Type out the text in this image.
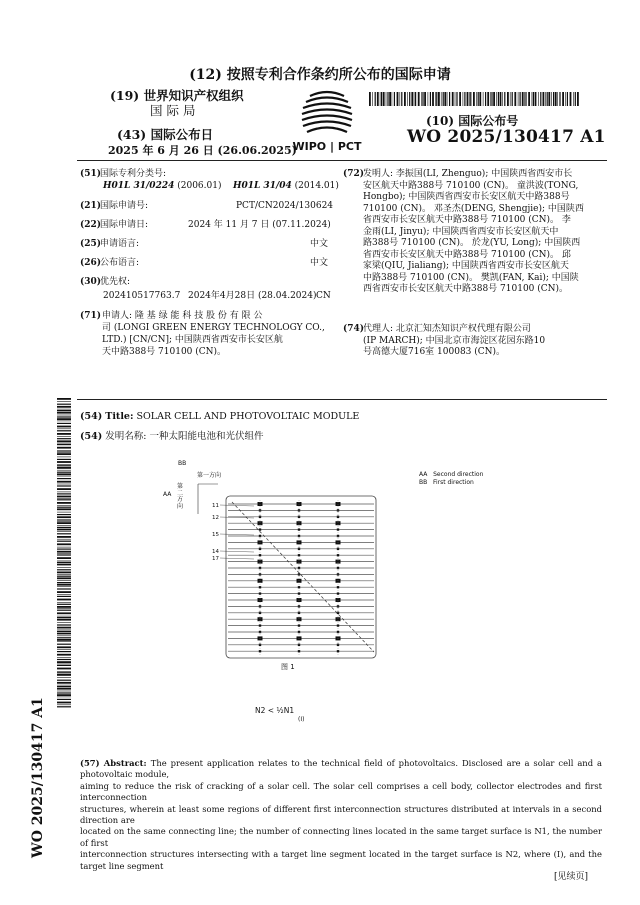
(12) 按照专利合作条约所公布的国际申请
(19) 世界知识产权组织
国 际 局
(43) 国际公布日
2025 年 6 月 26 日 (26.06.2025)
WIPO | PCT
(10) 国际公布号
WO 2025/130417 A1
(51)
国际专利分类号:
H01L 31/0224 (2006.01) H01L 31/04 (2014.01)
(21)
国际申请号:	PCT/CN2024/130624
(22)
国际申请日:	2024 年 11 月 7 日 (07.11.2024)
(25)
申请语言:	中文
(26)
公布语言:	中文
(30)
优先权:
202410517763.7 2024年4月28日 (28.04.2024) CN
(71) 申请人: 隆 基 绿 能 科 技 股 份 有 限 公
司 (LONGI GREEN ENERGY TECHNOLOGY CO.,
LTD.) [CN/CN]; 中国陕西省西安市长安区航
天中路388号 710100 (CN)。
(72)
发明人: 李振国(LI, Zhenguo); 中国陕西省西安市长
安区航天中路388号 710100 (CN)。 童洪波(TONG,
Hongbo); 中国陕西省西安市长安区航天中路388号
710100 (CN)。 邓圣杰(DENG, Shengjie); 中国陕西
省西安市长安区航天中路388号 710100 (CN)。 李
金雨(LI, Jinyu); 中国陕西省西安市长安区航天中
路388号 710100 (CN)。 於龙(YU, Long); 中国陕西
省西安市长安区航天中路388号 710100 (CN)。 邱
家梁(QIU, Jialiang); 中国陕西省西安市长安区航天
中路388号 710100 (CN)。 樊凯(FAN, Kai); 中国陕
西省西安市长安区航天中路388号 710100 (CN)。
(74)
代理人: 北京汇知杰知识产权代理有限公司
(IP MARCH); 中国北京市海淀区花园东路10
号高德大厦716室 100083 (CN)。
WO 2025/130417 A1
(54) Title: SOLAR CELL AND PHOTOVOLTAIC MODULE
(54) 发明名称: 一种太阳能电池和光伏组件
11
12
15
14
17
BB
第一方向
AA
第二方向
AA Second direction
BB First direction
图 1
N2 < ½N1
(I)
(57) Abstract: The present application relates to the technical field of photovoltaics. Disclosed are a solar cell and a photovoltaic module,
aiming to reduce the risk of cracking of a solar cell. The solar cell comprises a cell body, collector electrodes and first interconnection
structures, wherein at least some regions of different first interconnection structures distributed at intervals in a second direction are
located on the same connecting line; the number of connecting lines located in the same target surface is N1, the number of first
interconnection structures intersecting with a target line segment located in the target surface is N2, where (I), and the target line segment
[见续页]
